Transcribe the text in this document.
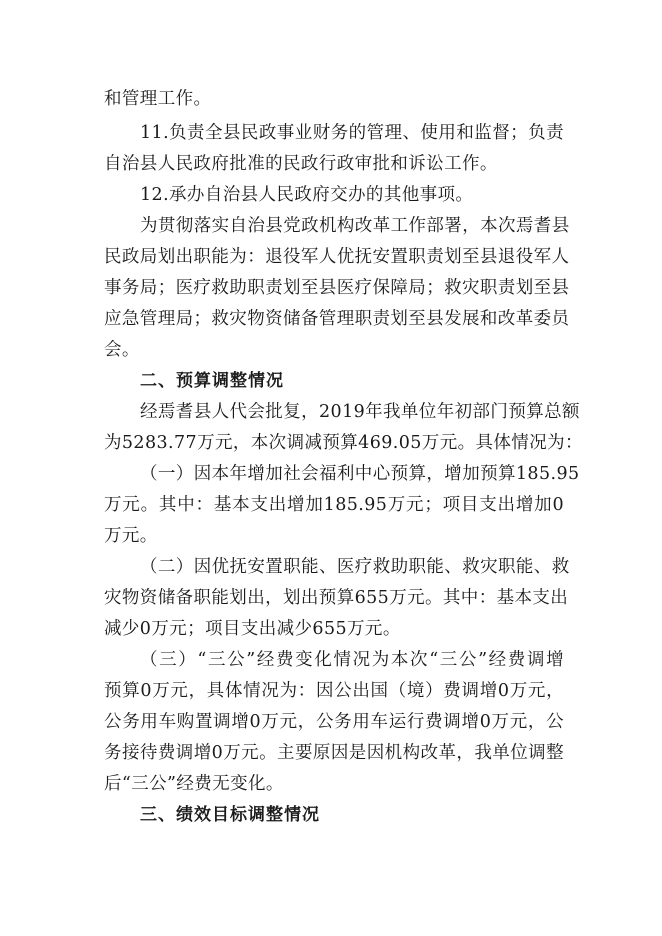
和管理工作。
11.负责全县民政事业财务的管理、使用和监督；负责
自治县人民政府批准的民政行政审批和诉讼工作。
12.承办自治县人民政府交办的其他事项。
为贯彻落实自治县党政机构改革工作部署，本次焉耆县
民政局划出职能为：退役军人优抚安置职责划至县退役军人
事务局；医疗救助职责划至县医疗保障局；救灾职责划至县
应急管理局；救灾物资储备管理职责划至县发展和改革委员
会。
二、预算调整情况
经焉耆县人代会批复，2019年我单位年初部门预算总额
为5283.77万元，本次调减预算469.05万元。具体情况为：
（一）因本年增加社会福利中心预算，增加预算185.95
万元。其中：基本支出增加185.95万元；项目支出增加0
万元。
（二）因优抚安置职能、医疗救助职能、救灾职能、救
灾物资储备职能划出，划出预算655万元。其中：基本支出
减少0万元；项目支出减少655万元。
（三）“三公”经费变化情况为本次“三公”经费调增
预算0万元，具体情况为：因公出国（境）费调增0万元，
公务用车购置调增0万元，公务用车运行费调增0万元，公
务接待费调增0万元。主要原因是因机构改革，我单位调整
后“三公”经费无变化。
三、绩效目标调整情况
